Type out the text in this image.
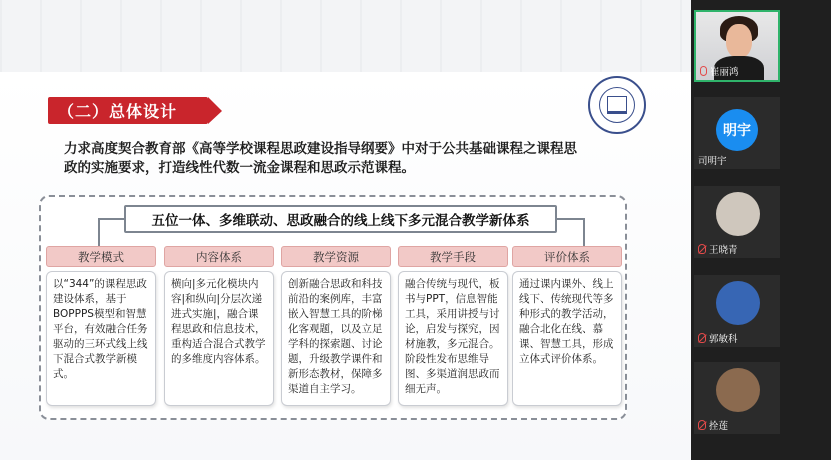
（二）总体设计
力求高度契合教育部《高等学校课程思政建设指导纲要》中对于公共基础课程之课程思政的实施要求，打造线性代数一流金课程和思政示范课程。
五位一体、多维联动、思政融合的线上线下多元混合教学新体系
教学模式
以“344”的课程思政建设体系，基于BOPPPS模型和智慧平台，有效融合任务驱动的三环式线上线下混合式教学新模式。
内容体系
横向|多元化模块内容|和纵向|分层次递进式实施|，融合课程思政和信息技术，重构适合混合式教学的多维度内容体系。
教学资源
创新融合思政和科技前沿的案例库，丰富嵌入智慧工具的阶梯化客观题，以及立足学科的探索题、讨论题，升级教学课件和新形态教材，保障多渠道自主学习。
教学手段
融合传统与现代，板书与PPT，信息智能工具，采用讲授与讨论，启发与探究，因材施教，多元混合。阶段性发布思维导图、多渠道润思政而细无声。
评价体系
通过课内课外、线上线下、传统现代等多种形式的教学活动，融合北化在线、慕课、智慧工具，形成立体式评价体系。
崔丽鸿
明宇
司明宇
王晓青
郭敏科
拴莲
